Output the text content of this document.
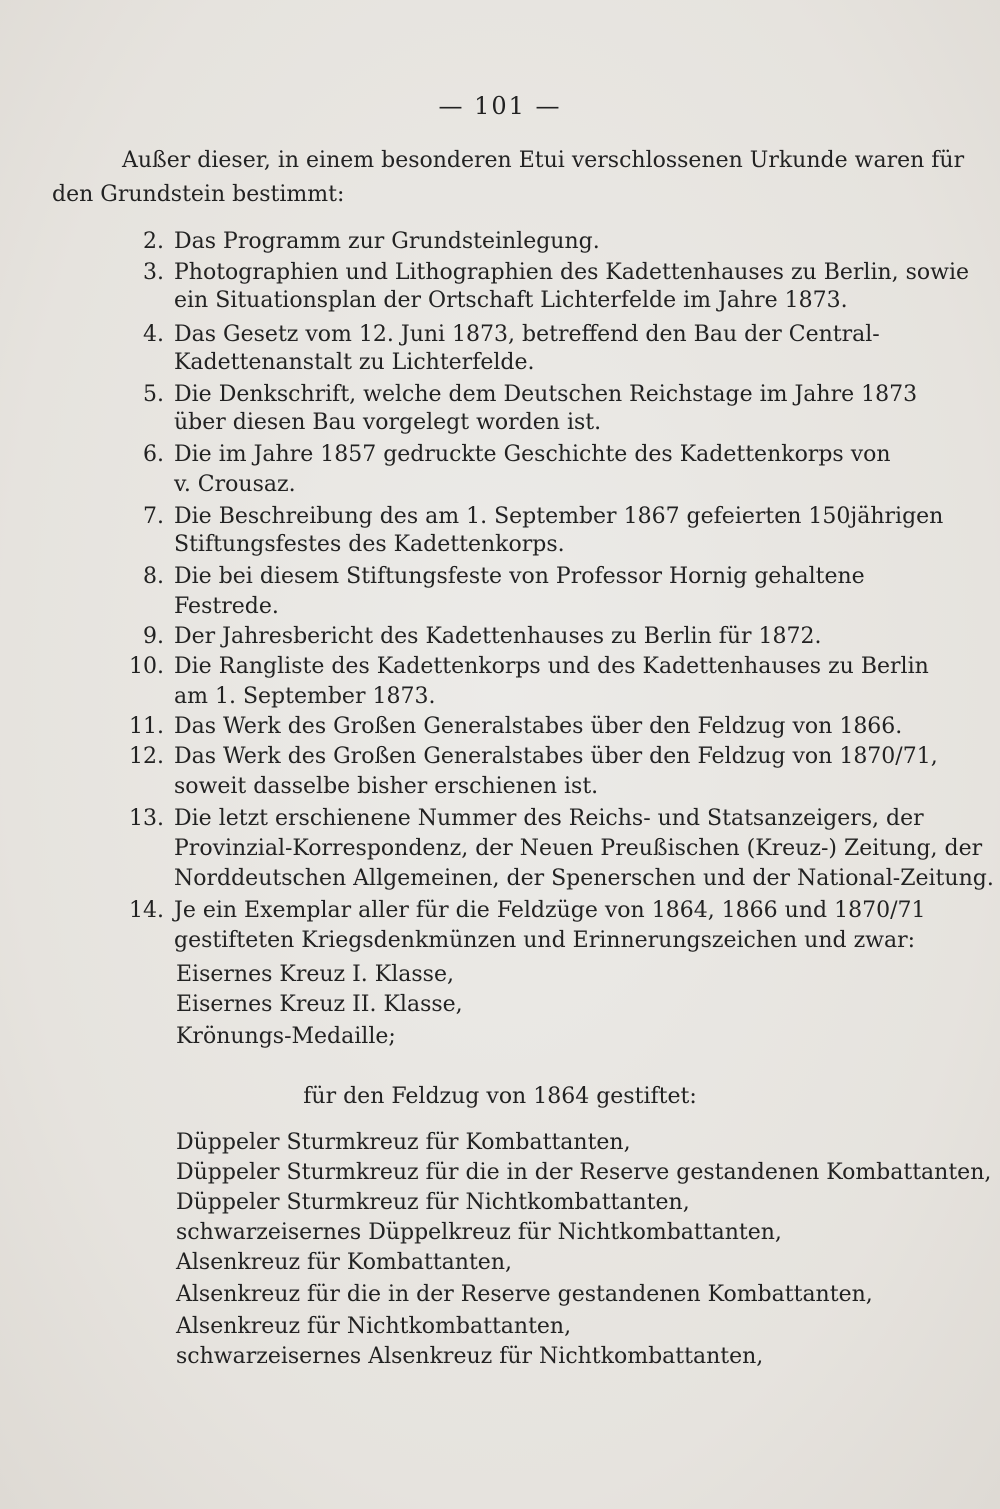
— 101 —
Außer dieser, in einem besonderen Etui verschlossenen Urkunde waren für
den Grundstein bestimmt:
2. Das Programm zur Grundsteinlegung.
3. Photographien und Lithographien des Kadettenhauses zu Berlin, sowie
ein Situationsplan der Ortschaft Lichterfelde im Jahre 1873.
4. Das Gesetz vom 12. Juni 1873, betreffend den Bau der Central-
Kadettenanstalt zu Lichterfelde.
5. Die Denkschrift, welche dem Deutschen Reichstage im Jahre 1873
über diesen Bau vorgelegt worden ist.
6. Die im Jahre 1857 gedruckte Geschichte des Kadettenkorps von
v. Crousaz.
7. Die Beschreibung des am 1. September 1867 gefeierten 150jährigen
Stiftungsfestes des Kadettenkorps.
8. Die bei diesem Stiftungsfeste von Professor Hornig gehaltene
Festrede.
9. Der Jahresbericht des Kadettenhauses zu Berlin für 1872.
10. Die Rangliste des Kadettenkorps und des Kadettenhauses zu Berlin
am 1. September 1873.
11. Das Werk des Großen Generalstabes über den Feldzug von 1866.
12. Das Werk des Großen Generalstabes über den Feldzug von 1870/71,
soweit dasselbe bisher erschienen ist.
13. Die letzt erschienene Nummer des Reichs- und Statsanzeigers, der
Provinzial-Korrespondenz, der Neuen Preußischen (Kreuz-) Zeitung, der
Norddeutschen Allgemeinen, der Spenerschen und der National-Zeitung.
14. Je ein Exemplar aller für die Feldzüge von 1864, 1866 und 1870/71
gestifteten Kriegsdenkmünzen und Erinnerungszeichen und zwar:
Eisernes Kreuz I. Klasse,
Eisernes Kreuz II. Klasse,
Krönungs-Medaille;
für den Feldzug von 1864 gestiftet:
Düppeler Sturmkreuz für Kombattanten,
Düppeler Sturmkreuz für die in der Reserve gestandenen Kombattanten,
Düppeler Sturmkreuz für Nichtkombattanten,
schwarzeisernes Düppelkreuz für Nichtkombattanten,
Alsenkreuz für Kombattanten,
Alsenkreuz für die in der Reserve gestandenen Kombattanten,
Alsenkreuz für Nichtkombattanten,
schwarzeisernes Alsenkreuz für Nichtkombattanten,
